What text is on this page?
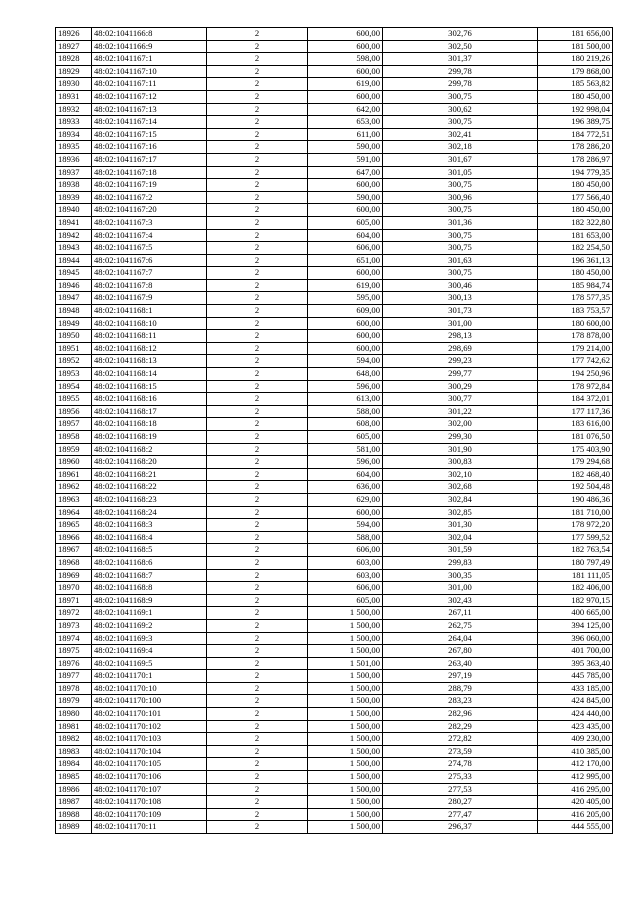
18926	48:02:1041166:8	2	600,00	302,76	181 656,00
18927	48:02:1041166:9	2	600,00	302,50	181 500,00
18928	48:02:1041167:1	2	598,00	301,37	180 219,26
18929	48:02:1041167:10	2	600,00	299,78	179 868,00
18930	48:02:1041167:11	2	619,00	299,78	185 563,82
18931	48:02:1041167:12	2	600,00	300,75	180 450,00
18932	48:02:1041167:13	2	642,00	300,62	192 998,04
18933	48:02:1041167:14	2	653,00	300,75	196 389,75
18934	48:02:1041167:15	2	611,00	302,41	184 772,51
18935	48:02:1041167:16	2	590,00	302,18	178 286,20
18936	48:02:1041167:17	2	591,00	301,67	178 286,97
18937	48:02:1041167:18	2	647,00	301,05	194 779,35
18938	48:02:1041167:19	2	600,00	300,75	180 450,00
18939	48:02:1041167:2	2	590,00	300,96	177 566,40
18940	48:02:1041167:20	2	600,00	300,75	180 450,00
18941	48:02:1041167:3	2	605,00	301,36	182 322,80
18942	48:02:1041167:4	2	604,00	300,75	181 653,00
18943	48:02:1041167:5	2	606,00	300,75	182 254,50
18944	48:02:1041167:6	2	651,00	301,63	196 361,13
18945	48:02:1041167:7	2	600,00	300,75	180 450,00
18946	48:02:1041167:8	2	619,00	300,46	185 984,74
18947	48:02:1041167:9	2	595,00	300,13	178 577,35
18948	48:02:1041168:1	2	609,00	301,73	183 753,57
18949	48:02:1041168:10	2	600,00	301,00	180 600,00
18950	48:02:1041168:11	2	600,00	298,13	178 878,00
18951	48:02:1041168:12	2	600,00	298,69	179 214,00
18952	48:02:1041168:13	2	594,00	299,23	177 742,62
18953	48:02:1041168:14	2	648,00	299,77	194 250,96
18954	48:02:1041168:15	2	596,00	300,29	178 972,84
18955	48:02:1041168:16	2	613,00	300,77	184 372,01
18956	48:02:1041168:17	2	588,00	301,22	177 117,36
18957	48:02:1041168:18	2	608,00	302,00	183 616,00
18958	48:02:1041168:19	2	605,00	299,30	181 076,50
18959	48:02:1041168:2	2	581,00	301,90	175 403,90
18960	48:02:1041168:20	2	596,00	300,83	179 294,68
18961	48:02:1041168:21	2	604,00	302,10	182 468,40
18962	48:02:1041168:22	2	636,00	302,68	192 504,48
18963	48:02:1041168:23	2	629,00	302,84	190 486,36
18964	48:02:1041168:24	2	600,00	302,85	181 710,00
18965	48:02:1041168:3	2	594,00	301,30	178 972,20
18966	48:02:1041168:4	2	588,00	302,04	177 599,52
18967	48:02:1041168:5	2	606,00	301,59	182 763,54
18968	48:02:1041168:6	2	603,00	299,83	180 797,49
18969	48:02:1041168:7	2	603,00	300,35	181 111,05
18970	48:02:1041168:8	2	606,00	301,00	182 406,00
18971	48:02:1041168:9	2	605,00	302,43	182 970,15
18972	48:02:1041169:1	2	1 500,00	267,11	400 665,00
18973	48:02:1041169:2	2	1 500,00	262,75	394 125,00
18974	48:02:1041169:3	2	1 500,00	264,04	396 060,00
18975	48:02:1041169:4	2	1 500,00	267,80	401 700,00
18976	48:02:1041169:5	2	1 501,00	263,40	395 363,40
18977	48:02:1041170:1	2	1 500,00	297,19	445 785,00
18978	48:02:1041170:10	2	1 500,00	288,79	433 185,00
18979	48:02:1041170:100	2	1 500,00	283,23	424 845,00
18980	48:02:1041170:101	2	1 500,00	282,96	424 440,00
18981	48:02:1041170:102	2	1 500,00	282,29	423 435,00
18982	48:02:1041170:103	2	1 500,00	272,82	409 230,00
18983	48:02:1041170:104	2	1 500,00	273,59	410 385,00
18984	48:02:1041170:105	2	1 500,00	274,78	412 170,00
18985	48:02:1041170:106	2	1 500,00	275,33	412 995,00
18986	48:02:1041170:107	2	1 500,00	277,53	416 295,00
18987	48:02:1041170:108	2	1 500,00	280,27	420 405,00
18988	48:02:1041170:109	2	1 500,00	277,47	416 205,00
18989	48:02:1041170:11	2	1 500,00	296,37	444 555,00
